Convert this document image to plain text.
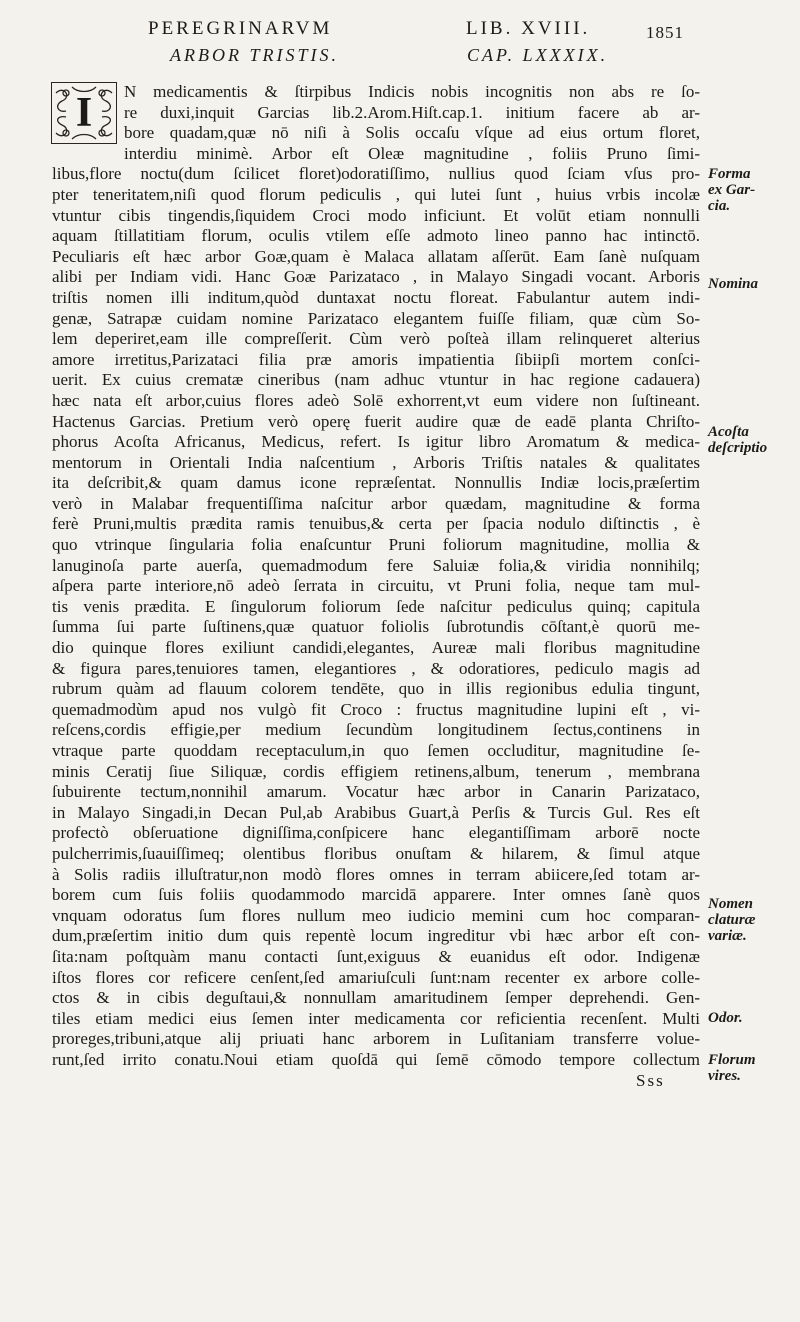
PEREGRINARVM	LIB. XVIII.	1851
ARBOR TRISTIS.	CAP. LXXXIX.
N medicamentis & ſtirpibus Indicis nobis incognitis non abs re ſo-
re duxi,inquit Garcias lib.2.Arom.Hiſt.cap.1. initium facere ab ar-
bore quadam,quæ nō niſi à Solis occaſu vſque ad eius ortum floret,
interdiu minimè. Arbor eſt Oleæ magnitudine , foliis Pruno ſimi-
libus,flore noctu(dum ſcilicet floret)odoratiſſimo, nullius quod ſciam vſus pro-
pter teneritatem,niſi quod florum pediculis , qui lutei ſunt , huius vrbis incolæ
vtuntur cibis tingendis,ſiquidem Croci modo inficiunt. Et volūt etiam nonnulli
aquam ſtillatitiam florum, oculis vtilem eſſe admoto lineo panno hac intinctō.
Peculiaris eſt hæc arbor Goæ,quam è Malaca allatam aſſerūt. Eam ſanè nuſquam
alibi per Indiam vidi. Hanc Goæ Parizataco , in Malayo Singadi vocant. Arboris
triſtis nomen illi inditum,quòd duntaxat noctu floreat. Fabulantur autem indi-
genæ, Satrapæ cuidam nomine Parizataco elegantem fuiſſe filiam, quæ cùm So-
lem deperiret,eam ille compreſſerit. Cùm verò poſteà illam relinqueret alterius
amore irretitus,Parizataci filia præ amoris impatientia ſibiipſi mortem conſci-
uerit. Ex cuius crematæ cineribus (nam adhuc vtuntur in hac regione cadauera)
hæc nata eſt arbor,cuius flores adeò Solē exhorrent,vt eum videre non ſuſtineant.
Hactenus Garcias. Pretium verò operę fuerit audire quæ de eadē planta Chriſto-
phorus Acoſta Africanus, Medicus, refert. Is igitur libro Aromatum & medica-
mentorum in Orientali India naſcentium , Arboris Triſtis natales & qualitates
ita deſcribit,& quam damus icone repræſentat. Nonnullis Indiæ locis,præſertim
verò in Malabar frequentiſſima naſcitur arbor quædam, magnitudine & forma
ferè Pruni,multis prædita ramis tenuibus,& certa per ſpacia nodulo diſtinctis , è
quo vtrinque ſingularia folia enaſcuntur Pruni foliorum magnitudine, mollia &
lanuginoſa parte auerſa, quemadmodum fere Saluiæ folia,& viridia nonnihilq;
aſpera parte interiore,nō adeò ſerrata in circuitu, vt Pruni folia, neque tam mul-
tis venis prædita. E ſingulorum foliorum ſede naſcitur pediculus quinq; capitula
ſumma ſui parte ſuſtinens,quæ quatuor foliolis ſubrotundis cōſtant,è quorū me-
dio quinque flores exiliunt candidi,elegantes, Aureæ mali floribus magnitudine
& figura pares,tenuiores tamen, elegantiores , & odoratiores, pediculo magis ad
rubrum quàm ad flauum colorem tendēte, quo in illis regionibus edulia tingunt,
quemadmodùm apud nos vulgò fit Croco : fructus magnitudine lupini eſt , vi-
reſcens,cordis effigie,per medium ſecundùm longitudinem ſectus,continens in
vtraque parte quoddam receptaculum,in quo ſemen occluditur, magnitudine ſe-
minis Ceratij ſiue Siliquæ, cordis effigiem retinens,album, tenerum , membrana
ſubuirente tectum,nonnihil amarum. Vocatur hæc arbor in Canarin Parizataco,
in Malayo Singadi,in Decan Pul,ab Arabibus Guart,à Perſis & Turcis Gul. Res eſt
profectò obſeruatione digniſſima,conſpicere hanc elegantiſſimam arborē nocte
pulcherrimis,ſuauiſſimeq; olentibus floribus onuſtam & hilarem, & ſimul atque
à Solis radiis illuſtratur,non modò flores omnes in terram abiicere,ſed totam ar-
borem cum ſuis foliis quodammodo marcidā apparere. Inter omnes ſanè quos
vnquam odoratus ſum flores nullum meo iudicio memini cum hoc comparan-
dum,præſertim initio dum quis repentè locum ingreditur vbi hæc arbor eſt con-
ſita:nam poſtquàm manu contacti ſunt,exiguus & euanidus eſt odor. Indigenæ
iſtos flores cor reficere cenſent,ſed amariuſculi ſunt:nam recenter ex arbore colle-
ctos & in cibis deguſtaui,& nonnullam amaritudinem ſemper deprehendi. Gen-
tiles etiam medici eius ſemen inter medicamenta cor reficientia recenſent. Multi
proreges,tribuni,atque alij priuati hanc arborem in Luſitaniam transferre volue-
runt,ſed irrito conatu.Noui etiam quoſdā qui ſemē cōmodo tempore collectum
Sss
I
Forma
ex Gar-
cia.
Nomina
Acoſta
deſcriptio
Nomen
claturæ
variæ.
Odor.
Florum
vires.
